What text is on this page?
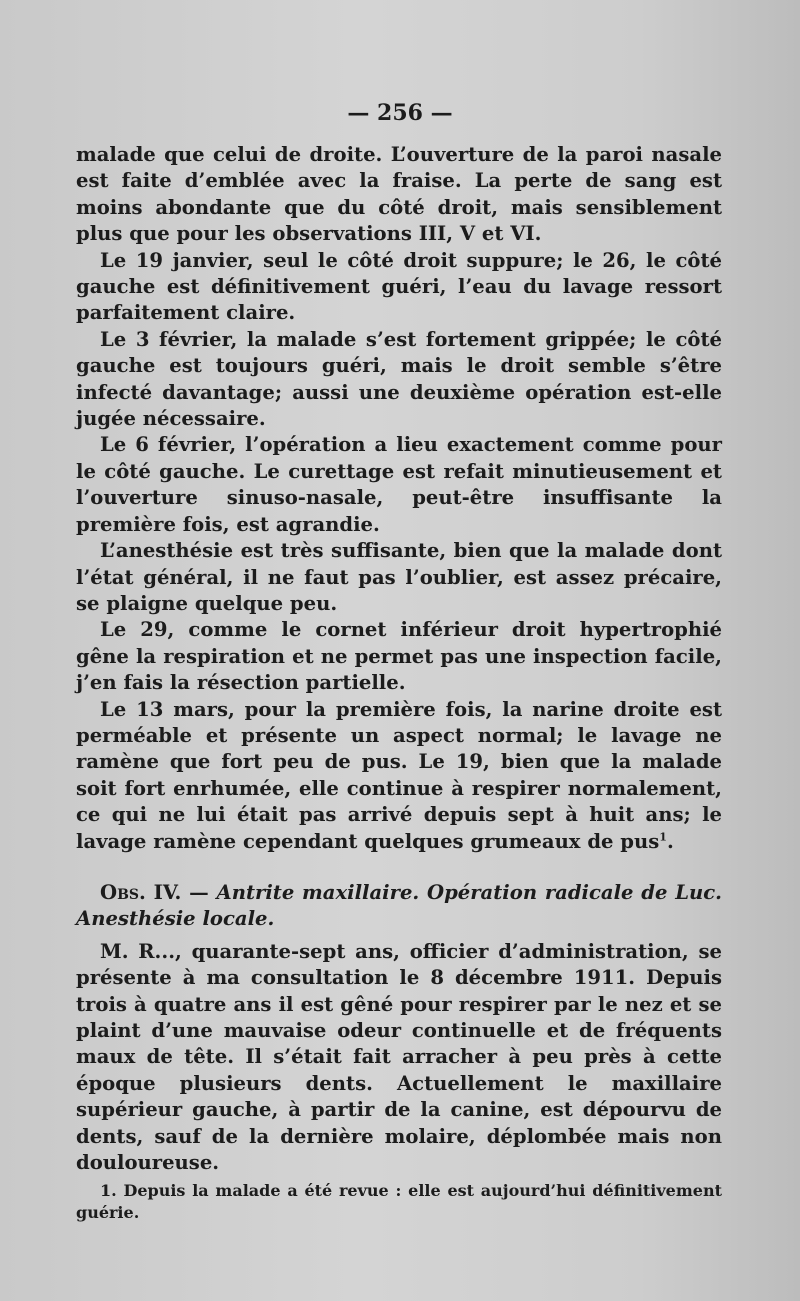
— 256 —

malade que celui de droite. L’ouverture de la paroi nasale est faite d’emblée avec la fraise. La perte de sang est moins abondante que du côté droit, mais sensiblement plus que pour les observations III, V et VI.

Le 19 janvier, seul le côté droit suppure; le 26, le côté gauche est définitivement guéri, l’eau du lavage ressort parfaitement claire.

Le 3 février, la malade s’est fortement grippée; le côté gauche est toujours guéri, mais le droit semble s’être infecté davantage; aussi une deuxième opération est-elle jugée nécessaire.

Le 6 février, l’opération a lieu exactement comme pour le côté gauche. Le curettage est refait minutieusement et l’ouverture sinuso-nasale, peut-être insuffisante la première fois, est agrandie.

L’anesthésie est très suffisante, bien que la malade dont l’état général, il ne faut pas l’oublier, est assez précaire, se plaigne quelque peu.

Le 29, comme le cornet inférieur droit hypertrophié gêne la respiration et ne permet pas une inspection facile, j’en fais la résection partielle.

Le 13 mars, pour la première fois, la narine droite est perméable et présente un aspect normal; le lavage ne ramène que fort peu de pus. Le 19, bien que la malade soit fort enrhumée, elle continue à respirer normalement, ce qui ne lui était pas arrivé depuis sept à huit ans; le lavage ramène cependant quelques grumeaux de pus$^1$.

Obs. IV. — Antrite maxillaire. Opération radicale de Luc. Anesthésie locale.

M. R..., quarante-sept ans, officier d’administration, se présente à ma consultation le 8 décembre 1911. Depuis trois à quatre ans il est gêné pour respirer par le nez et se plaint d’une mauvaise odeur continuelle et de fréquents maux de tête. Il s’était fait arracher à peu près à cette époque plusieurs dents. Actuellement le maxillaire supérieur gauche, à partir de la canine, est dépourvu de dents, sauf de la dernière molaire, déplombée mais non douloureuse.

1. Depuis la malade a été revue : elle est aujourd’hui définitivement guérie.
